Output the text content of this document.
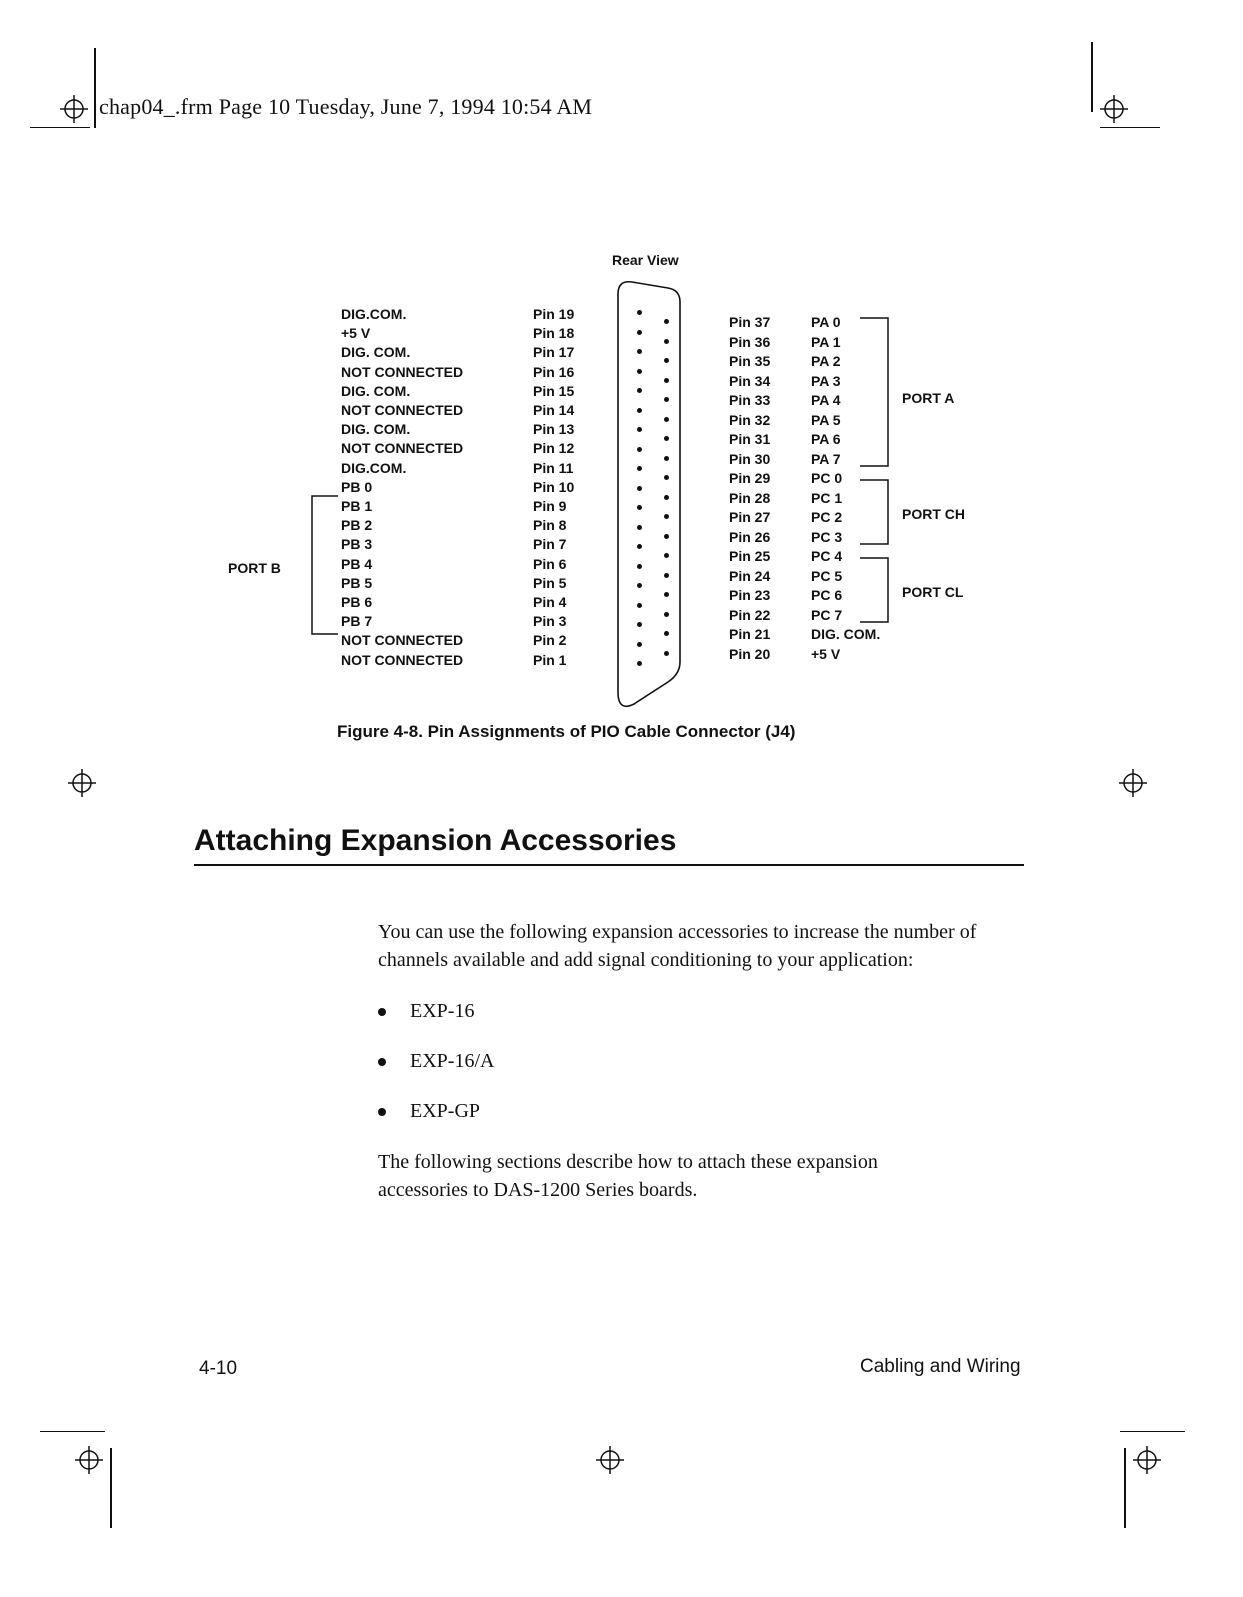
chap04_.frm Page 10 Tuesday, June 7, 1994 10:54 AM
Rear View
DIG.COM.
+5 V
DIG. COM.
NOT CONNECTED
DIG. COM.
NOT CONNECTED
DIG. COM.
NOT CONNECTED
DIG.COM.
PB 0
PB 1
PB 2
PB 3
PB 4
PB 5
PB 6
PB 7
NOT CONNECTED
NOT CONNECTED
Pin 19
Pin 18
Pin 17
Pin 16
Pin 15
Pin 14
Pin 13
Pin 12
Pin 11
Pin 10
Pin 9
Pin 8
Pin 7
Pin 6
Pin 5
Pin 4
Pin 3
Pin 2
Pin 1
Pin 37
Pin 36
Pin 35
Pin 34
Pin 33
Pin 32
Pin 31
Pin 30
Pin 29
Pin 28
Pin 27
Pin 26
Pin 25
Pin 24
Pin 23
Pin 22
Pin 21
Pin 20
PA 0
PA 1
PA 2
PA 3
PA 4
PA 5
PA 6
PA 7
PC 0
PC 1
PC 2
PC 3
PC 4
PC 5
PC 6
PC 7
DIG. COM.
+5 V
PORT B
PORT A
PORT CH
PORT CL
Figure 4-8. Pin Assignments of PIO Cable Connector (J4)
Attaching Expansion Accessories
You can use the following expansion accessories to increase the number of channels available and add signal conditioning to your application:
EXP-16
EXP-16/A
EXP-GP
The following sections describe how to attach these expansion accessories to DAS-1200 Series boards.
4-10	Cabling and Wiring
